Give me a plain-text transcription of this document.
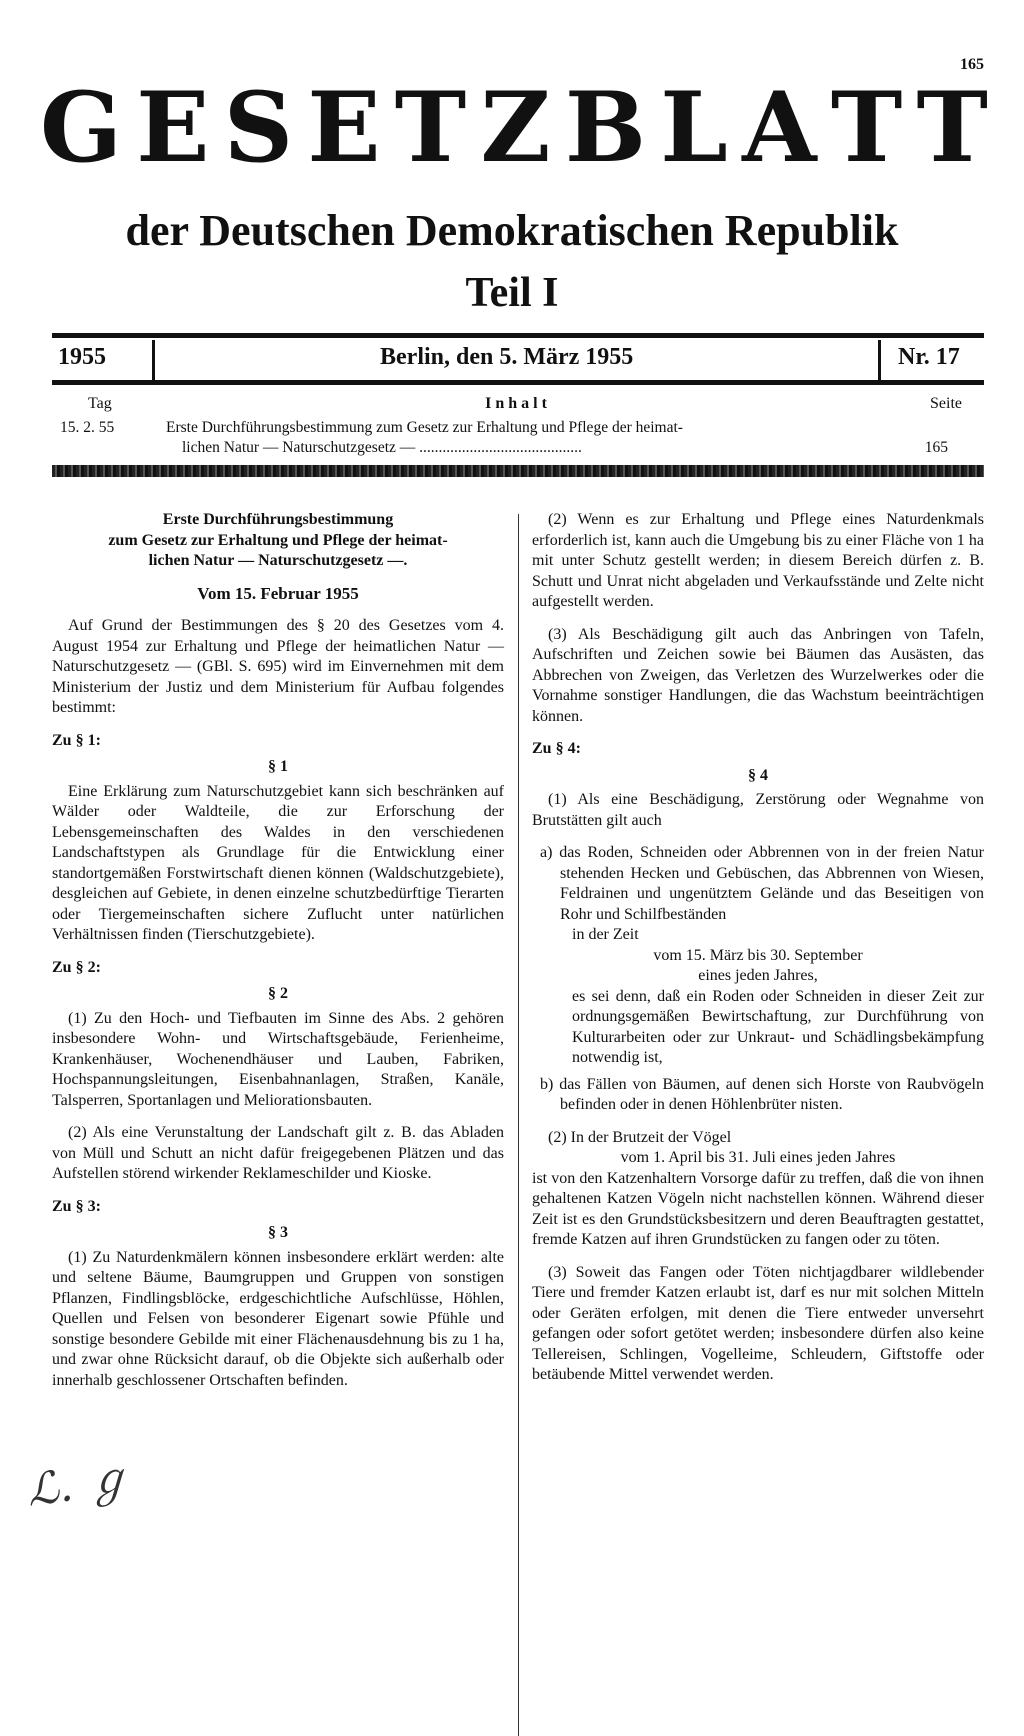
165
G E S E T Z B L A T T
der Deutschen Demokratischen Republik
Teil I
1955	Berlin, den 5. März 1955	Nr. 17
Tag	Inhalt	Seite
15. 2. 55	Erste Durchführungsbestimmung zum Gesetz zur Erhaltung und Pflege der heimat-
lichen Natur — Naturschutzgesetz — ..........................................	165

Erste Durchführungsbestimmung

zum Gesetz zur Erhaltung und Pflege der heimat-

lichen Natur — Naturschutzgesetz —.

Vom 15. Februar 1955

Auf Grund der Bestimmungen des § 20 des Gesetzes vom 4. August 1954 zur Erhaltung und Pflege der heimatlichen Natur — Naturschutzgesetz — (GBl. S. 695) wird im Einvernehmen mit dem Ministerium der Justiz und dem Ministerium für Aufbau folgendes bestimmt:

Zu § 1:

§ 1

Eine Erklärung zum Naturschutzgebiet kann sich beschränken auf Wälder oder Waldteile, die zur Erforschung der Lebensgemeinschaften des Waldes in den verschiedenen Landschaftstypen als Grundlage für die Entwicklung einer standortgemäßen Forstwirtschaft dienen können (Waldschutzgebiete), desgleichen auf Gebiete, in denen einzelne schutzbedürftige Tierarten oder Tiergemeinschaften sichere Zuflucht unter natürlichen Verhältnissen finden (Tierschutzgebiete).

Zu § 2:

§ 2

(1) Zu den Hoch- und Tiefbauten im Sinne des Abs. 2 gehören insbesondere Wohn- und Wirtschaftsgebäude, Ferienheime, Krankenhäuser, Wochenendhäuser und Lauben, Fabriken, Hochspannungsleitungen, Eisenbahnanlagen, Straßen, Kanäle, Talsperren, Sportanlagen und Meliorationsbauten.

(2) Als eine Verunstaltung der Landschaft gilt z. B. das Abladen von Müll und Schutt an nicht dafür freigegebenen Plätzen und das Aufstellen störend wirkender Reklameschilder und Kioske.

Zu § 3:

§ 3

(1) Zu Naturdenkmälern können insbesondere erklärt werden: alte und seltene Bäume, Baumgruppen und Gruppen von sonstigen Pflanzen, Findlingsblöcke, erdgeschichtliche Aufschlüsse, Höhlen, Quellen und Felsen von besonderer Eigenart sowie Pfühle und sonstige besondere Gebilde mit einer Flächenausdehnung bis zu 1 ha, und zwar ohne Rücksicht darauf, ob die Objekte sich außerhalb oder innerhalb geschlossener Ortschaften befinden.

(2) Wenn es zur Erhaltung und Pflege eines Naturdenkmals erforderlich ist, kann auch die Umgebung bis zu einer Fläche von 1 ha mit unter Schutz gestellt werden; in diesem Bereich dürfen z. B. Schutt und Unrat nicht abgeladen und Verkaufsstände und Zelte nicht aufgestellt werden.

(3) Als Beschädigung gilt auch das Anbringen von Tafeln, Aufschriften und Zeichen sowie bei Bäumen das Ausästen, das Abbrechen von Zweigen, das Verletzen des Wurzelwerkes oder die Vornahme sonstiger Handlungen, die das Wachstum beeinträchtigen können.

Zu § 4:

§ 4

(1) Als eine Beschädigung, Zerstörung oder Wegnahme von Brutstätten gilt auch

a) das Roden, Schneiden oder Abbrennen von in der freien Natur stehenden Hecken und Gebüschen, das Abbrennen von Wiesen, Feldrainen und ungenütztem Gelände und das Beseitigen von Rohr und Schilfbeständen

in der Zeit

vom 15. März bis 30. September

eines jeden Jahres,

es sei denn, daß ein Roden oder Schneiden in dieser Zeit zur ordnungsgemäßen Bewirtschaftung, zur Durchführung von Kulturarbeiten oder zur Unkraut- und Schädlingsbekämpfung notwendig ist,

b) das Fällen von Bäumen, auf denen sich Horste von Raubvögeln befinden oder in denen Höhlenbrüter nisten.

(2) In der Brutzeit der Vögel

vom 1. April bis 31. Juli eines jeden Jahres

ist von den Katzenhaltern Vorsorge dafür zu treffen, daß die von ihnen gehaltenen Katzen Vögeln nicht nachstellen können. Während dieser Zeit ist es den Grundstücksbesitzern und deren Beauftragten gestattet, fremde Katzen auf ihren Grundstücken zu fangen oder zu töten.

(3) Soweit das Fangen oder Töten nichtjagdbarer wildlebender Tiere und fremder Katzen erlaubt ist, darf es nur mit solchen Mitteln oder Geräten erfolgen, mit denen die Tiere entweder unversehrt gefangen oder sofort getötet werden; insbesondere dürfen also keine Tellereisen, Schlingen, Vogelleime, Schleudern, Giftstoffe oder betäubende Mittel verwendet werden.

ℒ. ℊ
